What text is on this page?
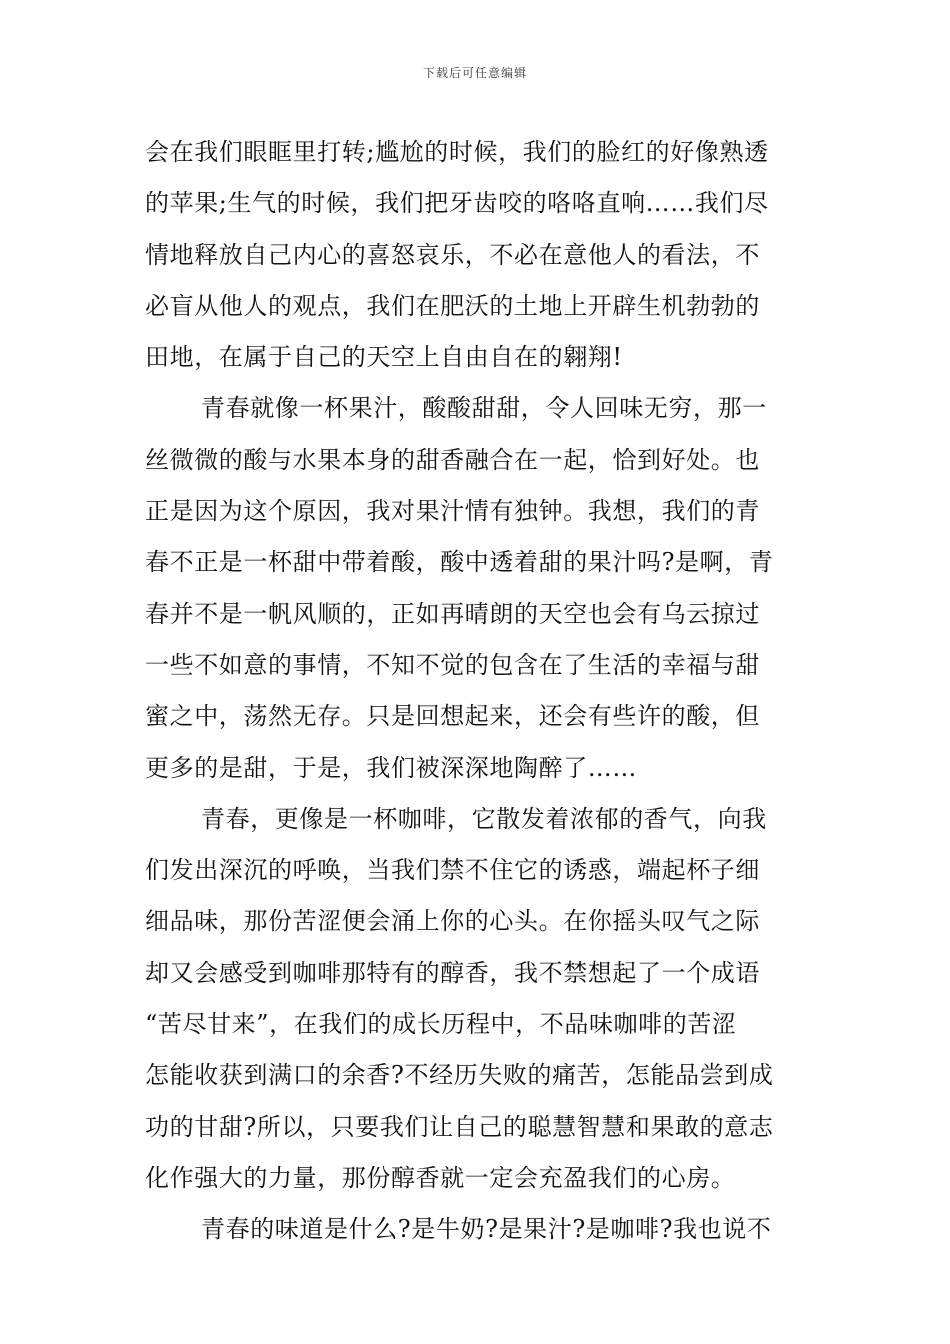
下载后可任意编辑
会在我们眼眶里打转;尴尬的时候，我们的脸红的好像熟透
的苹果;生气的时候，我们把牙齿咬的咯咯直响……我们尽
情地释放自己内心的喜怒哀乐，不必在意他人的看法，不
必盲从他人的观点，我们在肥沃的土地上开辟生机勃勃的
田地，在属于自己的天空上自由自在的翱翔!
青春就像一杯果汁，酸酸甜甜，令人回味无穷，那一
丝微微的酸与水果本身的甜香融合在一起，恰到好处。也
正是因为这个原因，我对果汁情有独钟。我想，我们的青
春不正是一杯甜中带着酸，酸中透着甜的果汁吗?是啊，青
春并不是一帆风顺的，正如再晴朗的天空也会有乌云掠过
一些不如意的事情，不知不觉的包含在了生活的幸福与甜
蜜之中，荡然无存。只是回想起来，还会有些许的酸，但
更多的是甜，于是，我们被深深地陶醉了……
青春，更像是一杯咖啡，它散发着浓郁的香气，向我
们发出深沉的呼唤，当我们禁不住它的诱惑，端起杯子细
细品味，那份苦涩便会涌上你的心头。在你摇头叹气之际
却又会感受到咖啡那特有的醇香，我不禁想起了一个成语
“苦尽甘来”，在我们的成长历程中，不品味咖啡的苦涩
怎能收获到满口的余香?不经历失败的痛苦，怎能品尝到成
功的甘甜?所以，只要我们让自己的聪慧智慧和果敢的意志
化作强大的力量，那份醇香就一定会充盈我们的心房。
青春的味道是什么?是牛奶?是果汁?是咖啡?我也说不
